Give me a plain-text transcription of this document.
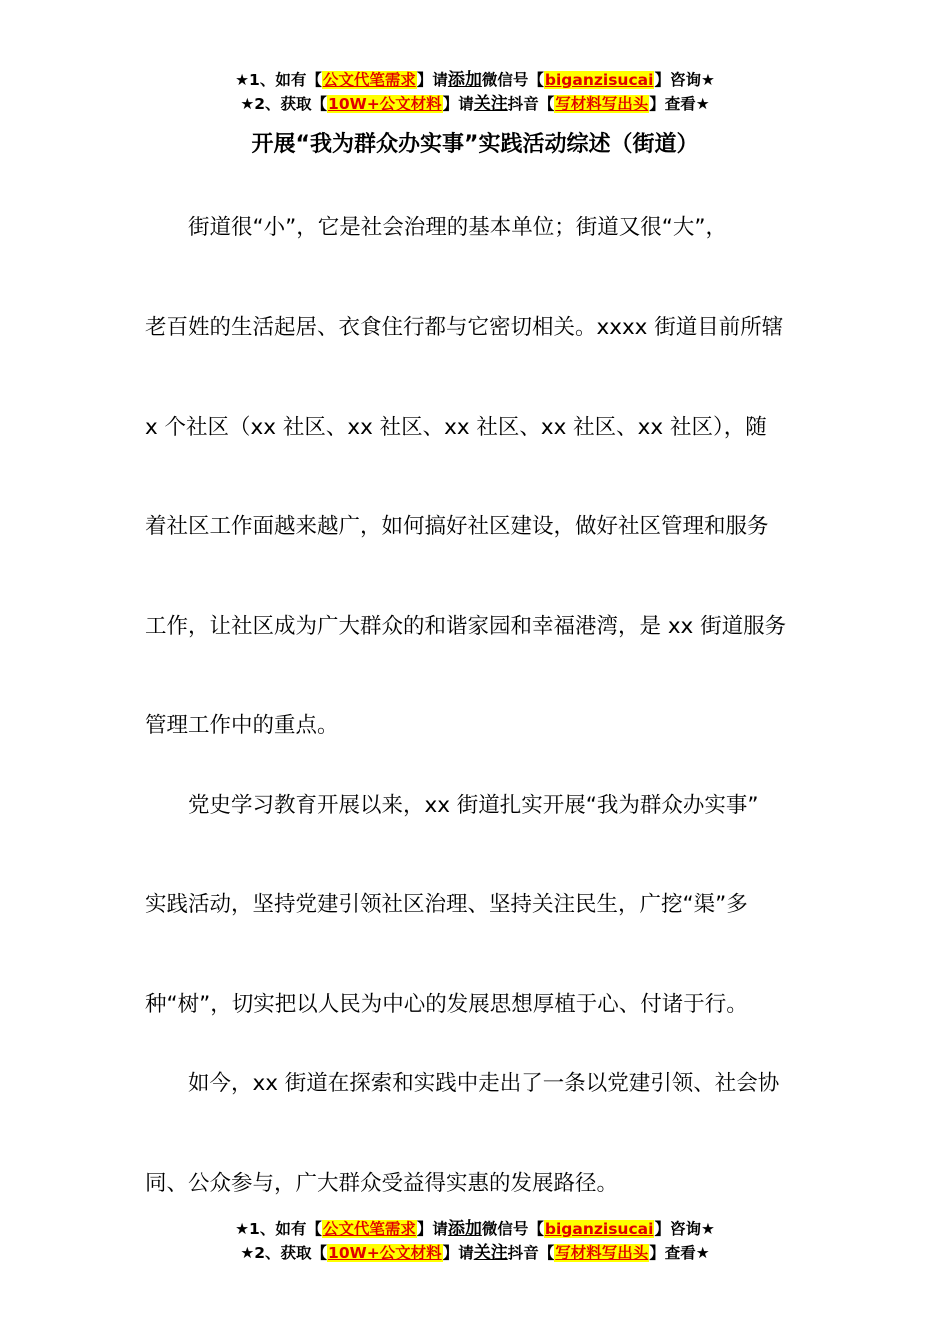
★1、如有【公文代笔需求】请添加微信号【biganzisucai】咨询★
★2、获取【10W+公文材料】请关注抖音【写材料写出头】查看★
开展“我为群众办实事”实践活动综述（街道）
街道很“小”，它是社会治理的基本单位；街道又很“大”，
老百姓的生活起居、衣食住行都与它密切相关。xxxx 街道目前所辖
x 个社区（xx 社区、xx 社区、xx 社区、xx 社区、xx 社区），随
着社区工作面越来越广，如何搞好社区建设，做好社区管理和服务
工作，让社区成为广大群众的和谐家园和幸福港湾，是 xx 街道服务
管理工作中的重点。
党史学习教育开展以来，xx 街道扎实开展“我为群众办实事”
实践活动，坚持党建引领社区治理、坚持关注民生，广挖“渠”多
种“树”，切实把以人民为中心的发展思想厚植于心、付诸于行。
如今，xx 街道在探索和实践中走出了一条以党建引领、社会协
同、公众参与，广大群众受益得实惠的发展路径。
★1、如有【公文代笔需求】请添加微信号【biganzisucai】咨询★
★2、获取【10W+公文材料】请关注抖音【写材料写出头】查看★
